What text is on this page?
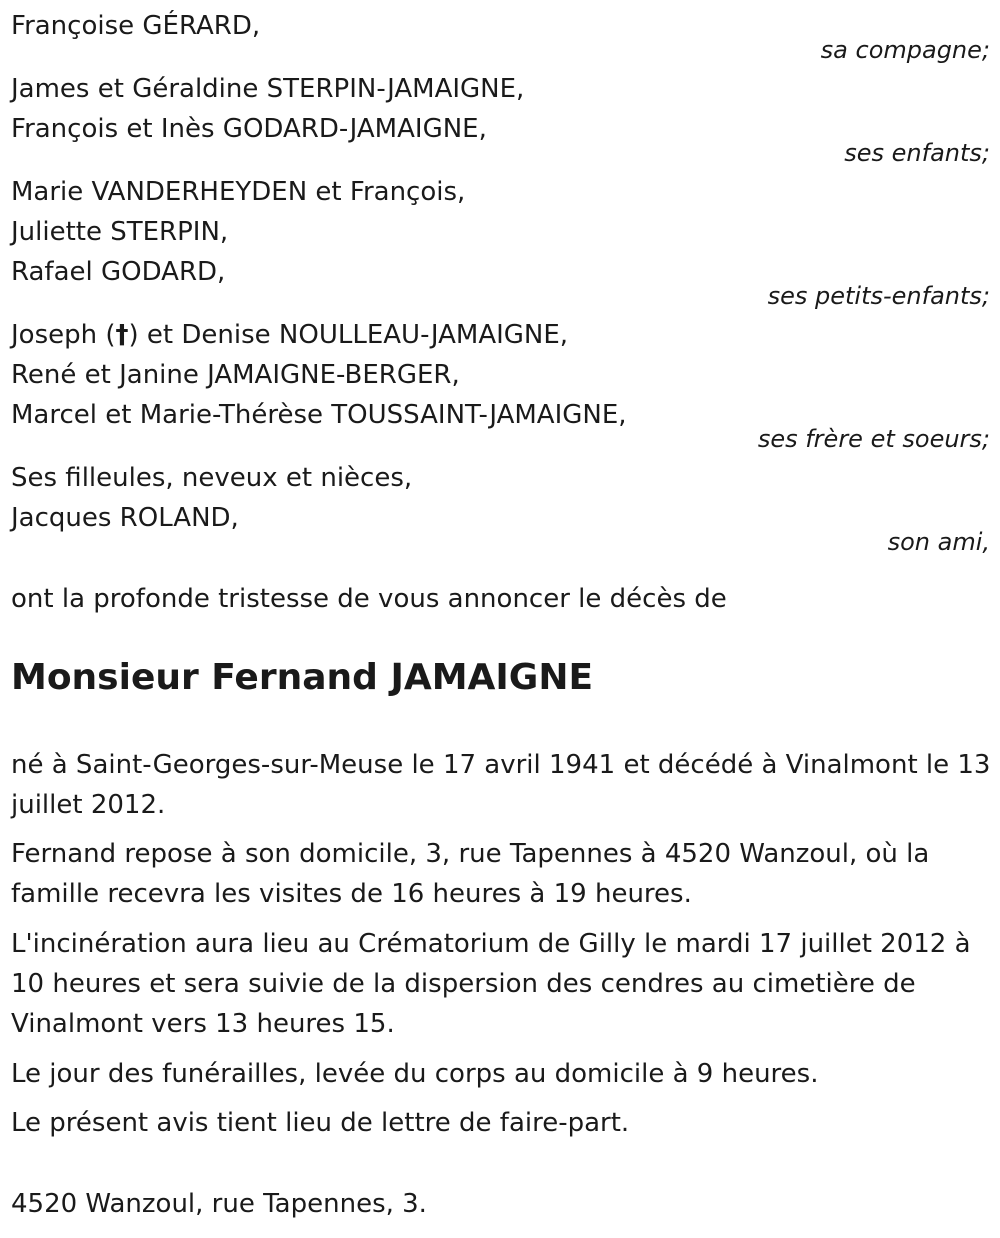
Françoise GÉRARD,
sa compagne;
James et Géraldine STERPIN-JAMAIGNE,
François et Inès GODARD-JAMAIGNE,
ses enfants;
Marie VANDERHEYDEN et François,
Juliette STERPIN,
Rafael GODARD,
ses petits-enfants;
Joseph (†) et Denise NOULLEAU-JAMAIGNE,
René et Janine JAMAIGNE-BERGER,
Marcel et Marie-Thérèse TOUSSAINT-JAMAIGNE,
ses frère et soeurs;
Ses filleules, neveux et nièces,
Jacques ROLAND,
son ami,
ont la profonde tristesse de vous annoncer le décès de
Monsieur Fernand JAMAIGNE
né à Saint-Georges-sur-Meuse le 17 avril 1941 et décédé à Vinalmont le 13 juillet 2012.
Fernand repose à son domicile, 3, rue Tapennes à 4520 Wanzoul, où la famille recevra les visites de 16 heures à 19 heures.
L'incinération aura lieu au Crématorium de Gilly le mardi 17 juillet 2012 à 10 heures et sera suivie de la dispersion des cendres au cimetière de Vinalmont vers 13 heures 15.
Le jour des funérailles, levée du corps au domicile à 9 heures.
Le présent avis tient lieu de lettre de faire-part.
4520 Wanzoul, rue Tapennes, 3.
